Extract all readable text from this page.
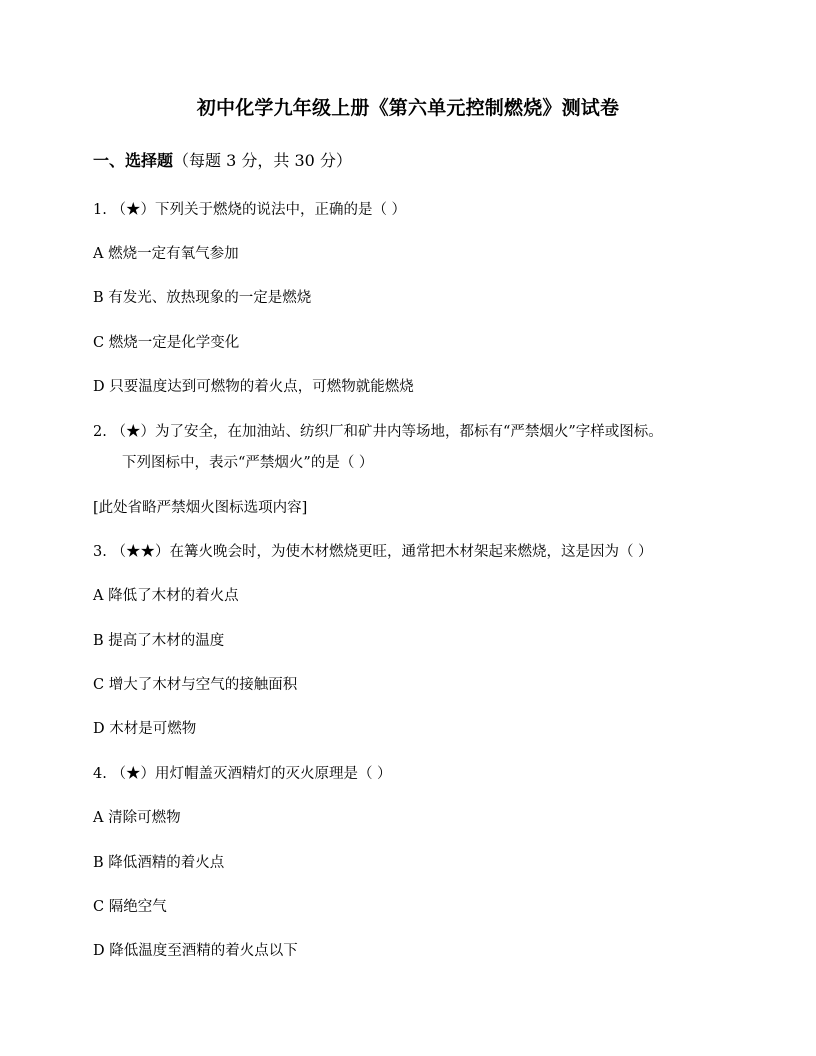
初中化学九年级上册《第六单元控制燃烧》测试卷
一、选择题（每题 3 分，共 30 分）
1. （★）下列关于燃烧的说法中，正确的是（ ）
A 燃烧一定有氧气参加
B 有发光、放热现象的一定是燃烧
C 燃烧一定是化学变化
D 只要温度达到可燃物的着火点，可燃物就能燃烧
2. （★）为了安全，在加油站、纺织厂和矿井内等场地，都标有“严禁烟火”字样或图标。
下列图标中，表示“严禁烟火”的是（ ）
[此处省略严禁烟火图标选项内容]
3. （★★）在篝火晚会时，为使木材燃烧更旺，通常把木材架起来燃烧，这是因为（ ）
A 降低了木材的着火点
B 提高了木材的温度
C 增大了木材与空气的接触面积
D 木材是可燃物
4. （★）用灯帽盖灭酒精灯的灭火原理是（ ）
A 清除可燃物
B 降低酒精的着火点
C 隔绝空气
D 降低温度至酒精的着火点以下
